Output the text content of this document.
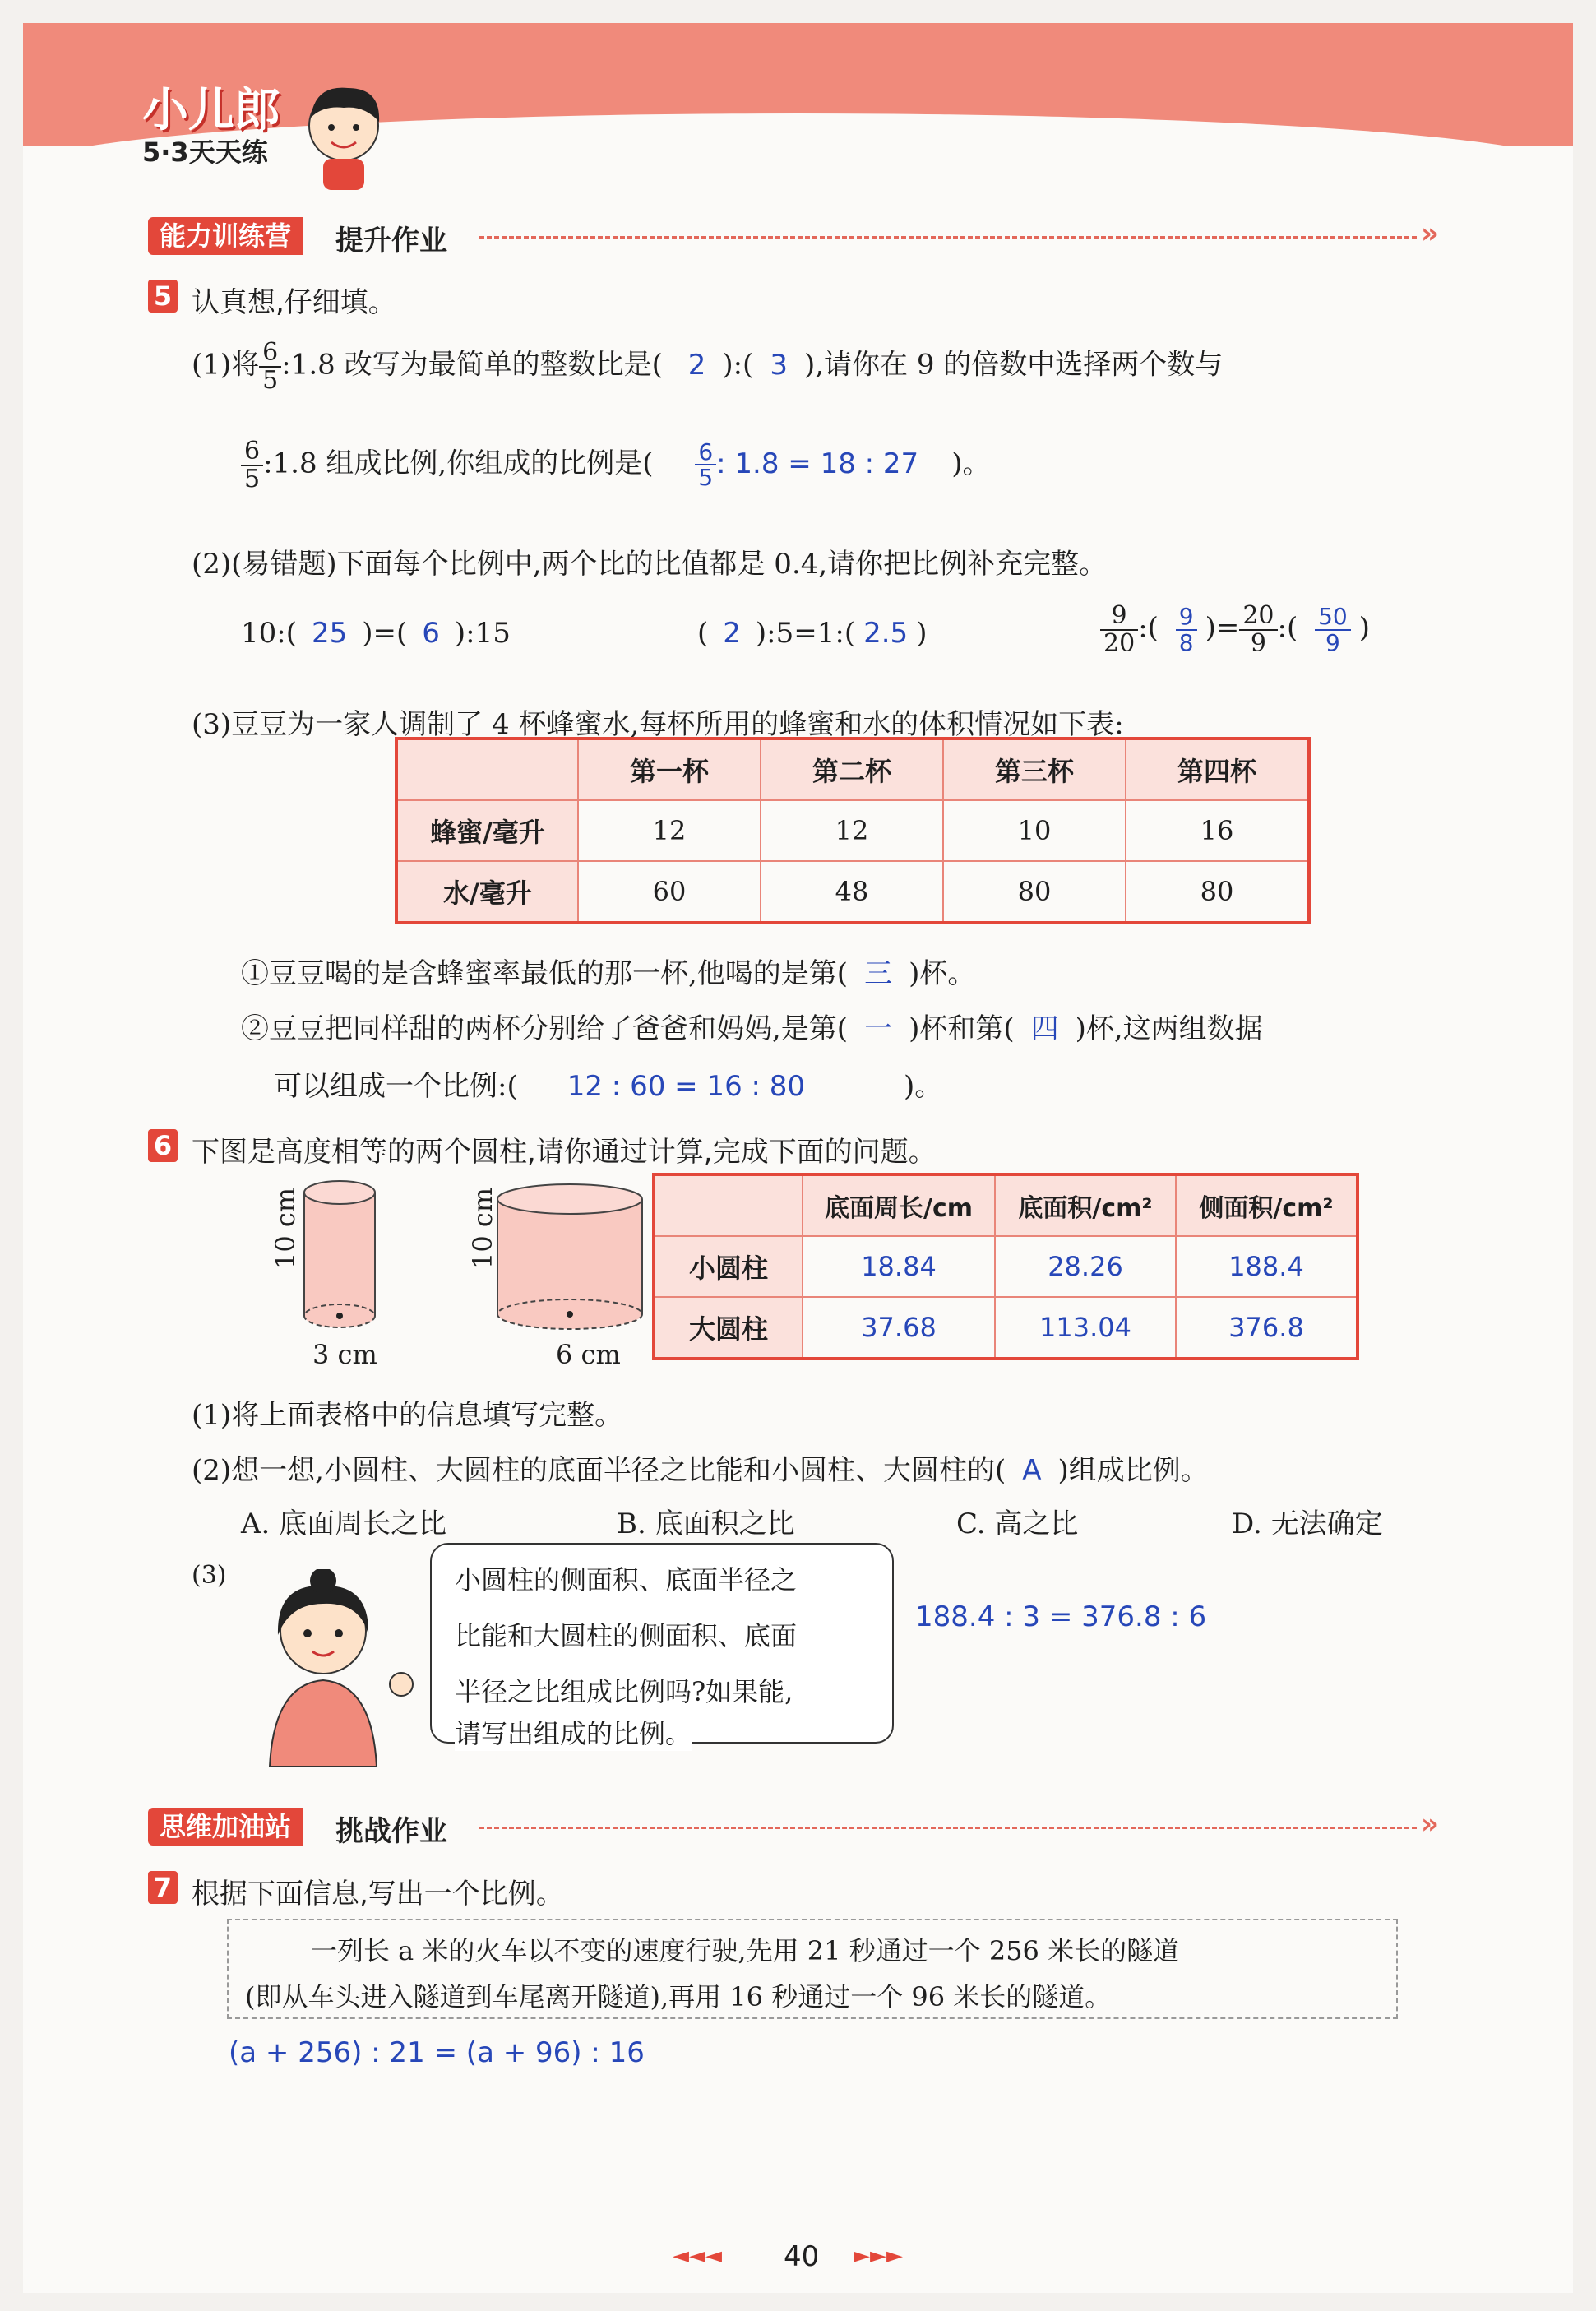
小儿郎
5·3天天练
能力训练营	提升作业	»
5 认真想,仔细填。
(1)将 $\frac{6}{5}$ :1.8 改写为最简单的整数比是( 2 ):( 3 ),请你在 9 的倍数中选择两个数与
$\frac{6}{5}$ :1.8 组成比例,你组成的比例是( $\frac{6}{5}$ : 1.8 = 18 : 27 )。
(2)(易错题)下面每个比例中,两个比的比值都是 0.4,请你把比例补充完整。
10:( 25 )=( 6 ):15	( 2 ):5=1:( 2.5 )	$\frac{9}{20}$ :( $\frac{9}{8}$ )= $\frac{20}{9}$ :( $\frac{50}{9}$ )
(3)豆豆为一家人调制了 4 杯蜂蜜水,每杯所用的蜂蜜和水的体积情况如下表:
	第一杯	第二杯	第三杯	第四杯
蜂蜜/毫升	12	12	10	16
水/毫升	60	48	80	80
①豆豆喝的是含蜂蜜率最低的那一杯,他喝的是第( 三 )杯。
②豆豆把同样甜的两杯分别给了爸爸和妈妈,是第( 一 )杯和第( 四 )杯,这两组数据
可以组成一个比例:( 12 : 60 = 16 : 80	)。
6 下图是高度相等的两个圆柱,请你通过计算,完成下面的问题。
10 cm
3 cm
10 cm
6 cm
	底面周长/cm	底面积/cm²	侧面积/cm²
小圆柱	18.84	28.26	188.4
大圆柱	37.68	113.04	376.8
(1)将上面表格中的信息填写完整。
(2)想一想,小圆柱、大圆柱的底面半径之比能和小圆柱、大圆柱的( A )组成比例。
A. 底面周长之比	B. 底面积之比	C. 高之比	D. 无法确定
(3)	小圆柱的侧面积、底面半径之
比能和大圆柱的侧面积、底面
半径之比组成比例吗?如果能,
请写出组成的比例。
188.4 : 3 = 376.8 : 6
思维加油站	挑战作业	»
7 根据下面信息,写出一个比例。
一列长 a 米的火车以不变的速度行驶,先用 21 秒通过一个 256 米长的隧道
(即从车头进入隧道到车尾离开隧道),再用 16 秒通过一个 96 米长的隧道。
(a + 256) : 21 = (a + 96) : 16
◄◄◄ 40 ►►►
